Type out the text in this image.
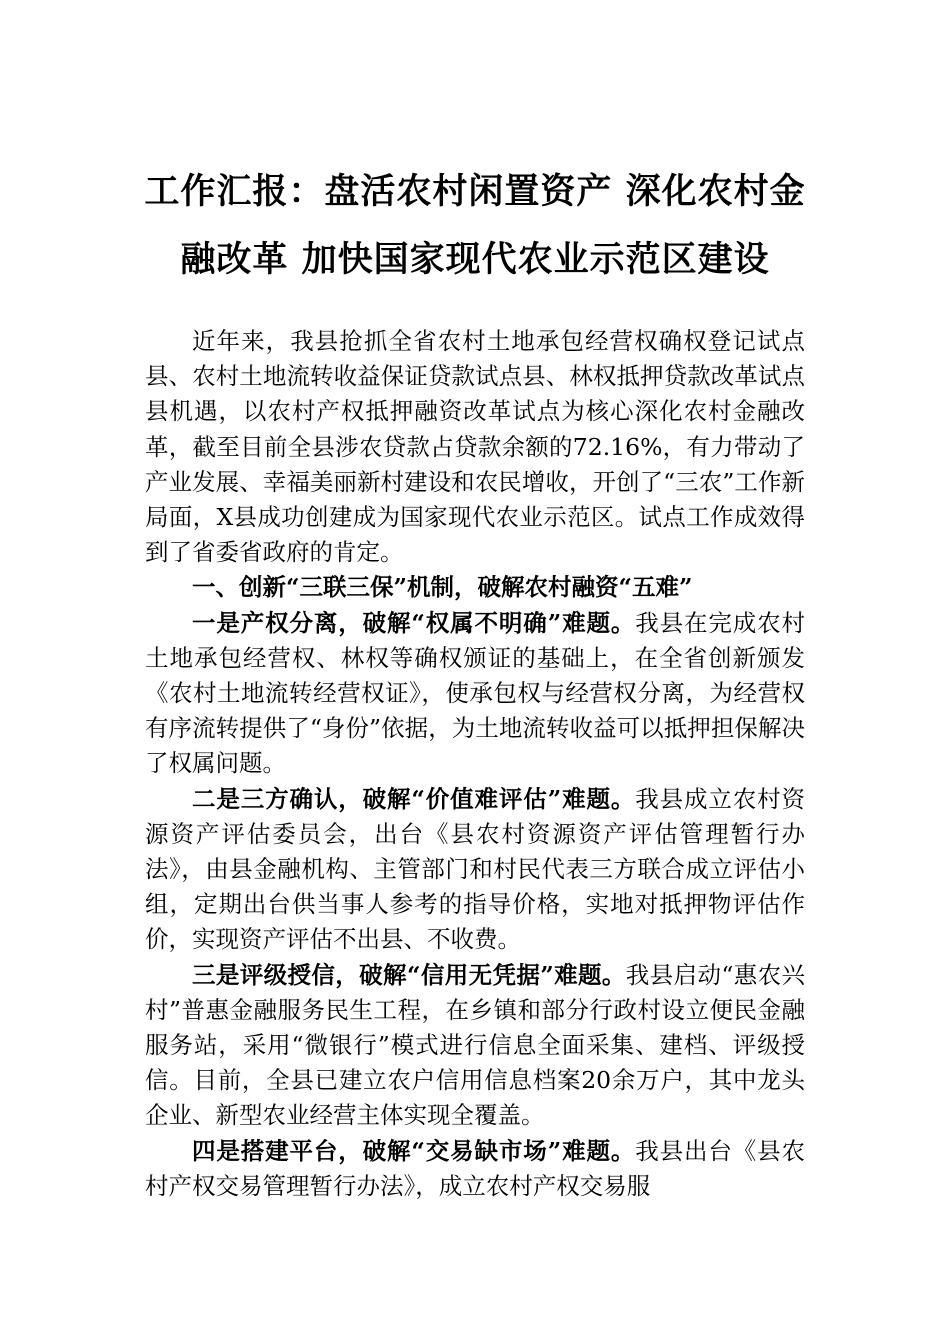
工作汇报：盘活农村闲置资产 深化农村金
融改革 加快国家现代农业示范区建设

近年来，我县抢抓全省农村土地承包经营权确权登记试点县、农村土地流转收益保证贷款试点县、林权抵押贷款改革试点县机遇，以农村产权抵押融资改革试点为核心深化农村金融改革，截至目前全县涉农贷款占贷款余额的72.16%，有力带动了产业发展、幸福美丽新村建设和农民增收，开创了“三农”工作新局面，X县成功创建成为国家现代农业示范区。试点工作成效得到了省委省政府的肯定。

一、创新“三联三保”机制，破解农村融资“五难”

一是产权分离，破解“权属不明确”难题。我县在完成农村土地承包经营权、林权等确权颁证的基础上，在全省创新颁发《农村土地流转经营权证》，使承包权与经营权分离，为经营权有序流转提供了“身份”依据，为土地流转收益可以抵押担保解决了权属问题。

二是三方确认，破解“价值难评估”难题。我县成立农村资源资产评估委员会，出台《县农村资源资产评估管理暂行办法》，由县金融机构、主管部门和村民代表三方联合成立评估小组，定期出台供当事人参考的指导价格，实地对抵押物评估作价，实现资产评估不出县、不收费。

三是评级授信，破解“信用无凭据”难题。我县启动“惠农兴村”普惠金融服务民生工程，在乡镇和部分行政村设立便民金融服务站，采用“微银行”模式进行信息全面采集、建档、评级授信。目前，全县已建立农户信用信息档案20余万户，其中龙头企业、新型农业经营主体实现全覆盖。

四是搭建平台，破解“交易缺市场”难题。我县出台《县农村产权交易管理暂行办法》，成立农村产权交易服
